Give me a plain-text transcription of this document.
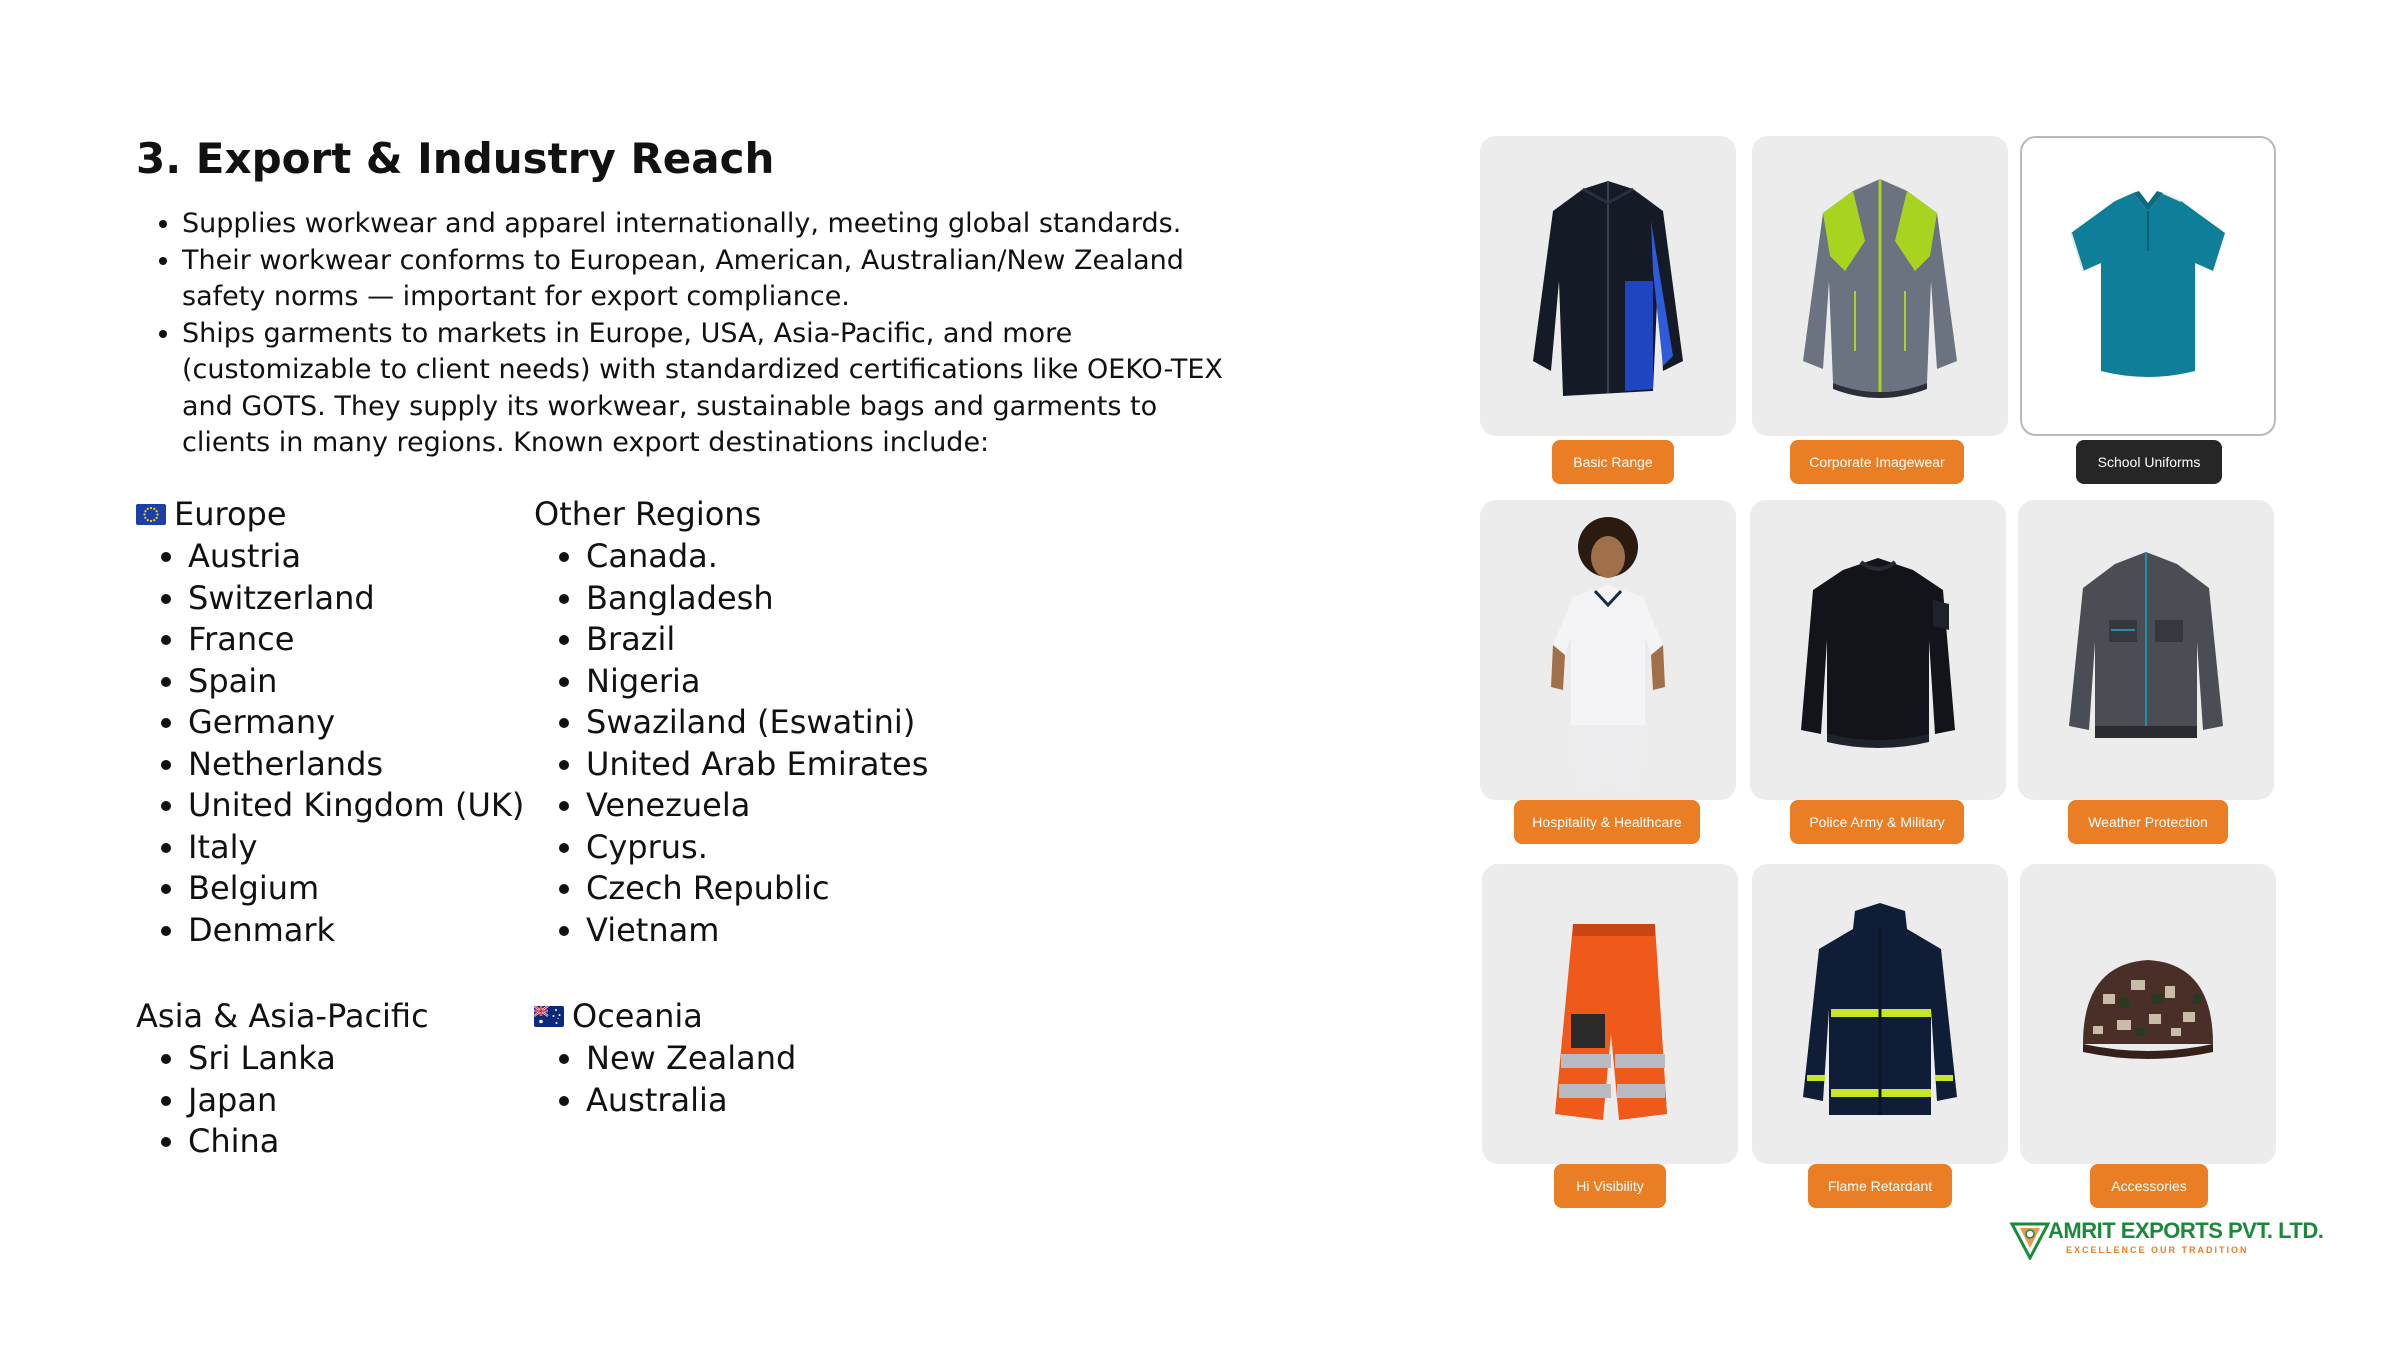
3. Export & Industry Reach
• Supplies workwear and apparel internationally, meeting global standards.
• Their workwear conforms to European, American, Australian/New Zealand safety norms — important for export compliance.
• Ships garments to markets in Europe, USA, Asia-Pacific, and more (customizable to client needs) with standardized certifications like OEKO-TEX and GOTS. They supply its workwear, sustainable bags and garments to clients in many regions. Known export destinations include:
Europe
• Austria
• Switzerland
• France
• Spain
• Germany
• Netherlands
• United Kingdom (UK)
• Italy
• Belgium
• Denmark
Other Regions
• Canada.
• Bangladesh
• Brazil
• Nigeria
• Swaziland (Eswatini)
• United Arab Emirates
• Venezuela
• Cyprus.
• Czech Republic
• Vietnam
Asia & Asia-Pacific
• Sri Lanka
• Japan
• China
Oceania
• New Zealand
• Australia
Basic Range	Corporate Imagewear	School Uniforms
Hospitality & Healthcare	Police Army & Military	Weather Protection
Hi Visibility	Flame Retardant	Accessories
AMRIT EXPORTS PVT. LTD.
EXCELLENCE OUR TRADITION
